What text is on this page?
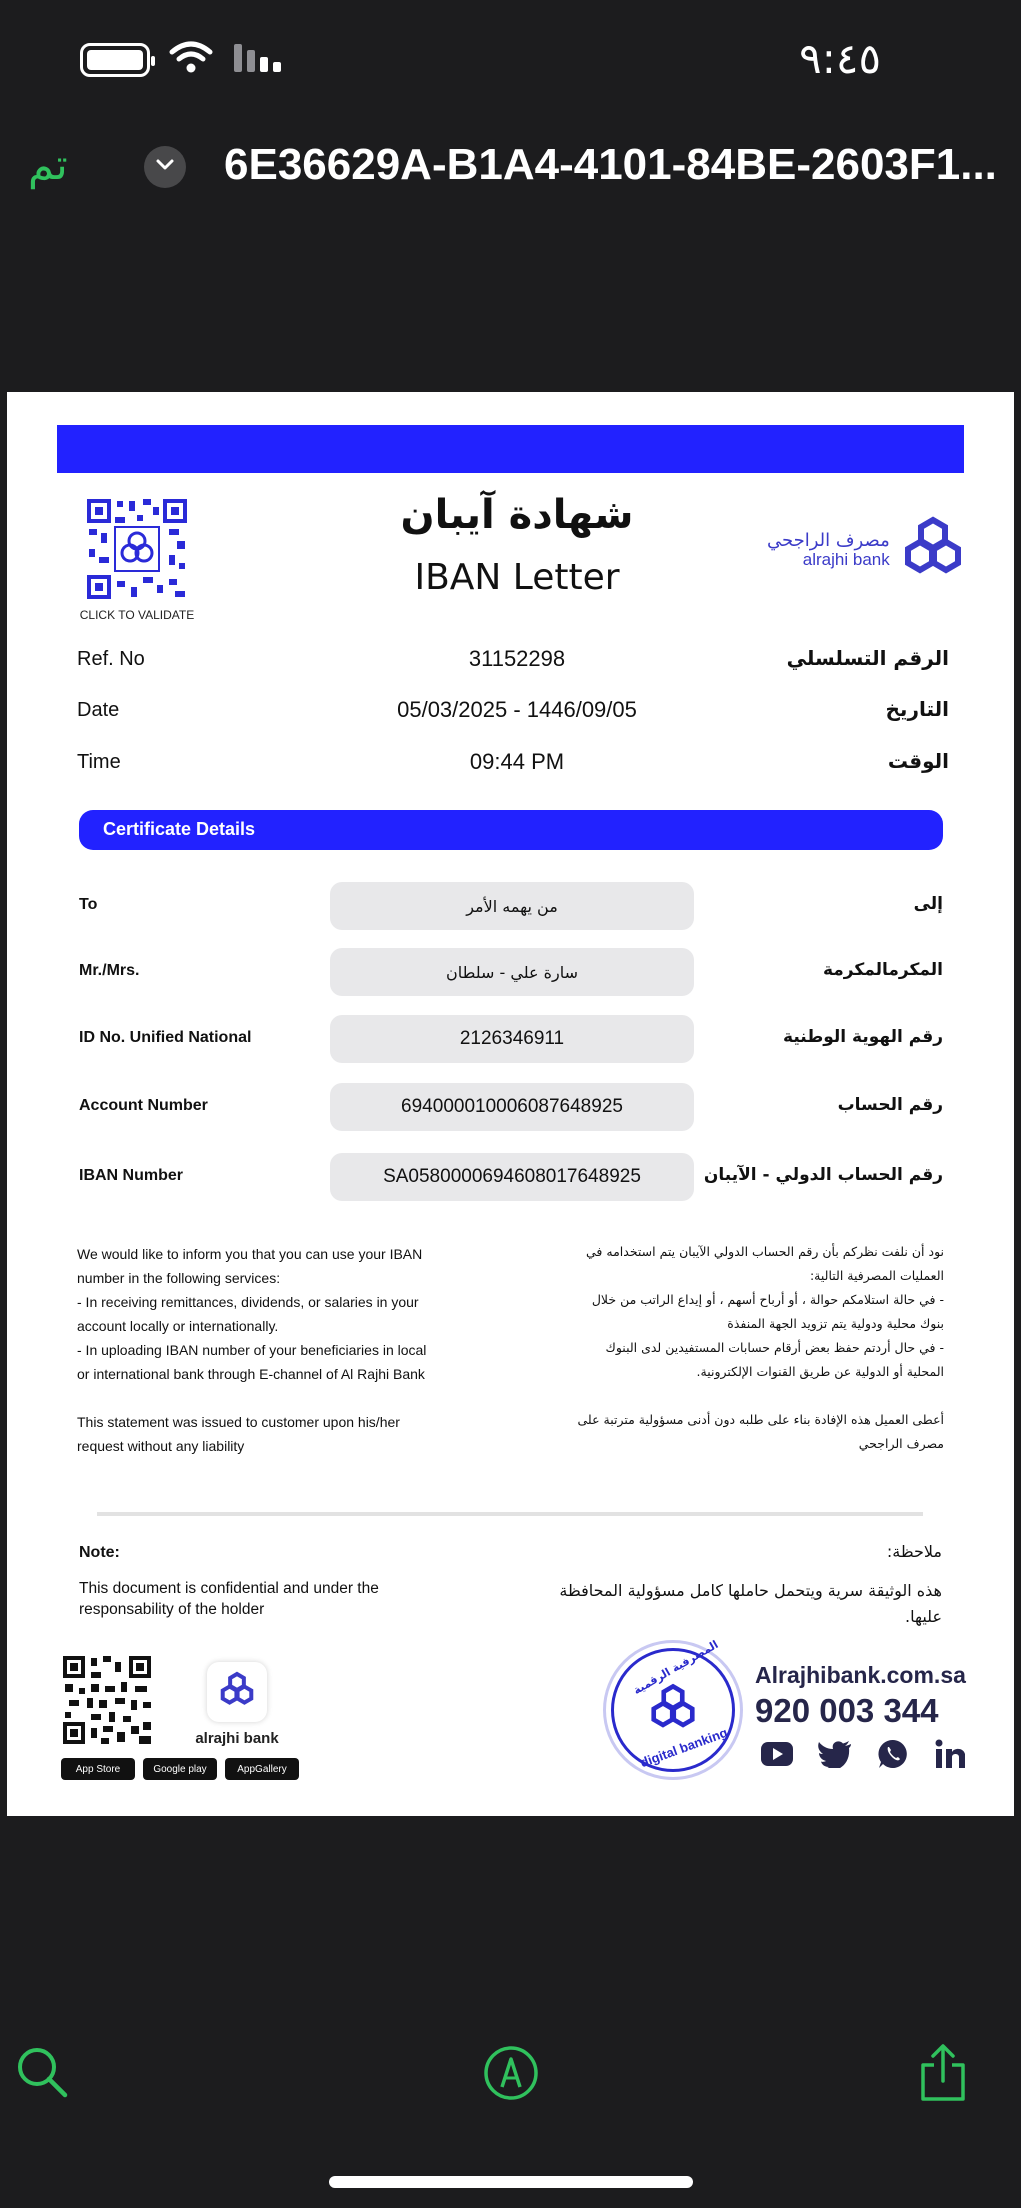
٩:٤٥
تم	6E36629A-B1A4-4101-84BE-2603F1...
CLICK TO VALIDATE
شهادة آيبان
IBAN Letter
مصرف الراجحي
alrajhi bank
Ref. No	31152298	الرقم التسلسلي
Date	05/03/2025 - 1446/09/05	التاريخ
Time	09:44 PM	الوقت
Certificate Details
To	من يهمه الأمر	إلى
Mr./Mrs.	سارة علي - سلطان	المكرمالمكرمة
ID No. Unified National	2126346911	رقم الهوية الوطنية
Account Number	694000010006087648925	رقم الحساب
IBAN Number	SA0580000694608017648925	رقم الحساب الدولي - الآيبان

We would like to inform you that you can use your IBAN number in the following services:
- In receiving remittances, dividends, or salaries in your account locally or internationally.
- In uploading IBAN number of your beneficiaries in local or international bank through E-channel of Al Rajhi Bank

This statement was issued to customer upon his/her request without any liability

نود أن نلفت نظركم بأن رقم الحساب الدولي الآيبان يتم استخدامه في العمليات المصرفية التالية:
- في حالة استلامكم حوالة ، أو أرباح أسهم ، أو إيداع الراتب من خلال بنوك محلية ودولية يتم تزويد الجهة المنفذة
- في حال أردتم حفظ بعض أرقام حسابات المستفيدين لدى البنوك المحلية أو الدولية عن طريق القنوات الإلكترونية.

أعطى العميل هذه الإفادة بناء على طلبه دون أدنى مسؤولية مترتبة على مصرف الراجحي

Note:
This document is confidential and under the responsability of the holder
ملاحظة:
هذه الوثيقة سرية ويتحمل حاملها كامل مسؤولية المحافظة عليها.
alrajhi bank
App Store	Google play	AppGallery
المصرفية الرقمية
digital banking
Alrajhibank.com.sa
920 003 344
